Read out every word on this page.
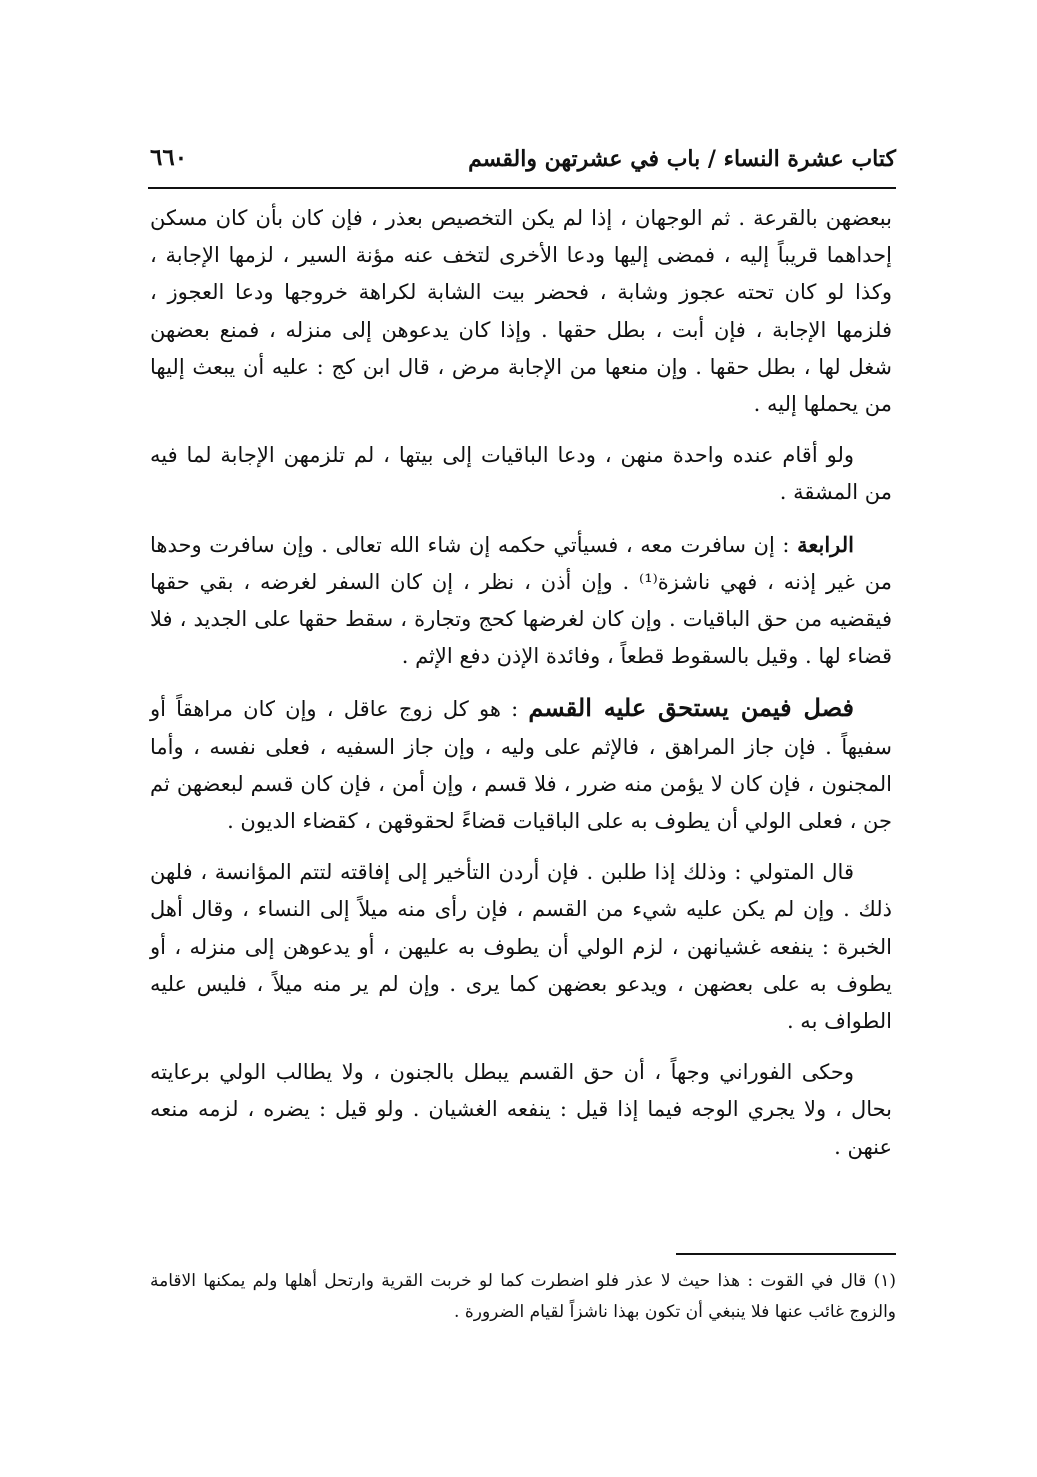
كتاب عشرة النساء / باب في عشرتهن والقسم
٦٦٠

ببعضهن بالقرعة . ثم الوجهان ، إذا لم يكن التخصيص بعذر ، فإن كان بأن كان مسكن إحداهما قريباً إليه ، فمضى إليها ودعا الأخرى لتخف عنه مؤنة السير ، لزمها الإجابة ، وكذا لو كان تحته عجوز وشابة ، فحضر بيت الشابة لكراهة خروجها ودعا العجوز ، فلزمها الإجابة ، فإن أبت ، بطل حقها . وإذا كان يدعوهن إلى منزله ، فمنع بعضهن شغل لها ، بطل حقها . وإن منعها من الإجابة مرض ، قال ابن كج : عليه أن يبعث إليها من يحملها إليه .

ولو أقام عنده واحدة منهن ، ودعا الباقيات إلى بيتها ، لم تلزمهن الإجابة لما فيه من المشقة .

الرابعة : إن سافرت معه ، فسيأتي حكمه إن شاء الله تعالى . وإن سافرت وحدها من غير إذنه ، فهي ناشزة⁽¹⁾ . وإن أذن ، نظر ، إن كان السفر لغرضه ، بقي حقها فيقضيه من حق الباقيات . وإن كان لغرضها كحج وتجارة ، سقط حقها على الجديد ، فلا قضاء لها . وقيل بالسقوط قطعاً ، وفائدة الإذن دفع الإثم .

فصل فيمن يستحق عليه القسم : هو كل زوج عاقل ، وإن كان مراهقاً أو سفيهاً . فإن جاز المراهق ، فالإثم على وليه ، وإن جاز السفيه ، فعلى نفسه ، وأما المجنون ، فإن كان لا يؤمن منه ضرر ، فلا قسم ، وإن أمن ، فإن كان قسم لبعضهن ثم جن ، فعلى الولي أن يطوف به على الباقيات قضاءً لحقوقهن ، كقضاء الديون .

قال المتولي : وذلك إذا طلبن . فإن أردن التأخير إلى إفاقته لتتم المؤانسة ، فلهن ذلك . وإن لم يكن عليه شيء من القسم ، فإن رأى منه ميلاً إلى النساء ، وقال أهل الخبرة : ينفعه غشيانهن ، لزم الولي أن يطوف به عليهن ، أو يدعوهن إلى منزله ، أو يطوف به على بعضهن ، ويدعو بعضهن كما يرى . وإن لم ير منه ميلاً ، فليس عليه الطواف به .

وحكى الفوراني وجهاً ، أن حق القسم يبطل بالجنون ، ولا يطالب الولي برعايته بحال ، ولا يجري الوجه فيما إذا قيل : ينفعه الغشيان . ولو قيل : يضره ، لزمه منعه عنهن .

(١) قال في القوت : هذا حيث لا عذر فلو اضطرت كما لو خربت القرية وارتحل أهلها ولم يمكنها الاقامة والزوج غائب عنها فلا ينبغي أن تكون بهذا ناشزاً لقيام الضرورة .
